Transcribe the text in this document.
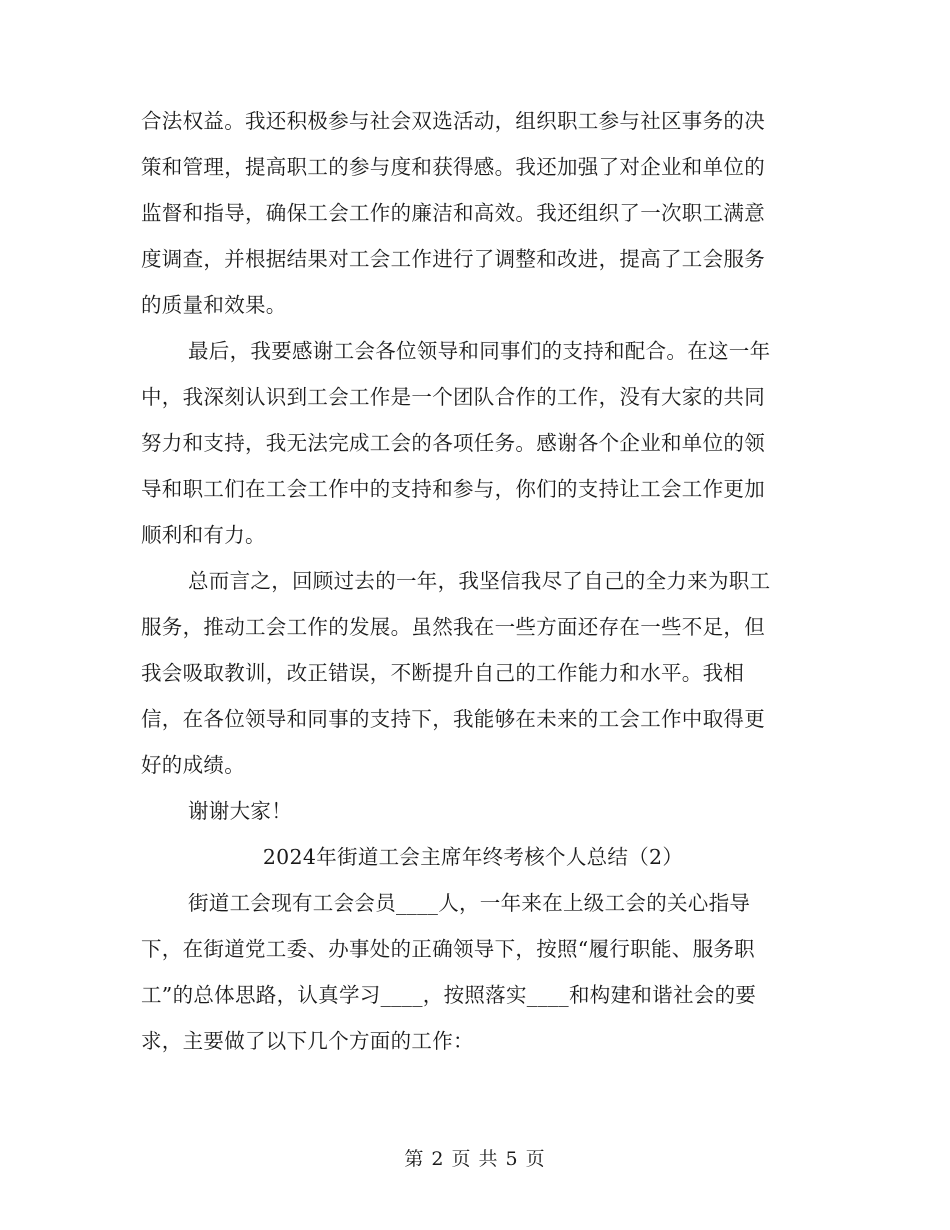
合法权益。我还积极参与社会双选活动，组织职工参与社区事务的决
策和管理，提高职工的参与度和获得感。我还加强了对企业和单位的
监督和指导，确保工会工作的廉洁和高效。我还组织了一次职工满意
度调查，并根据结果对工会工作进行了调整和改进，提高了工会服务
的质量和效果。
最后，我要感谢工会各位领导和同事们的支持和配合。在这一年
中，我深刻认识到工会工作是一个团队合作的工作，没有大家的共同
努力和支持，我无法完成工会的各项任务。感谢各个企业和单位的领
导和职工们在工会工作中的支持和参与，你们的支持让工会工作更加
顺利和有力。
总而言之，回顾过去的一年，我坚信我尽了自己的全力来为职工
服务，推动工会工作的发展。虽然我在一些方面还存在一些不足，但
我会吸取教训，改正错误，不断提升自己的工作能力和水平。我相
信，在各位领导和同事的支持下，我能够在未来的工会工作中取得更
好的成绩。
谢谢大家！
2024年街道工会主席年终考核个人总结（2）
街道工会现有工会会员____人，一年来在上级工会的关心指导
下，在街道党工委、办事处的正确领导下，按照“履行职能、服务职
工”的总体思路，认真学习____，按照落实____和构建和谐社会的要
求，主要做了以下几个方面的工作：
第 2 页 共 5 页
